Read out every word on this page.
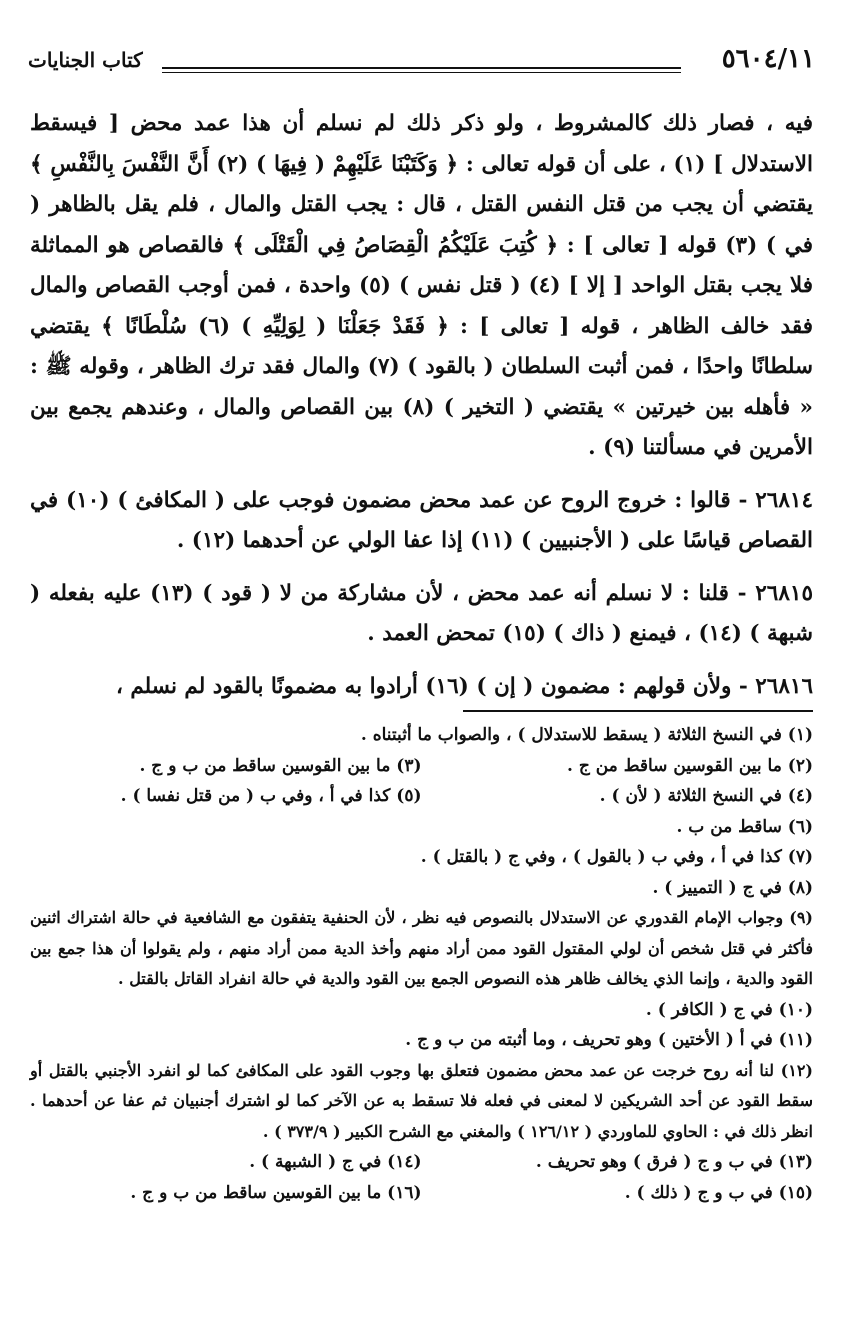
٥٦٠٤/١١
كتاب الجنايات

فيه ، فصار ذلك كالمشروط ، ولو ذكر ذلك لم نسلم أن هذا عمد محض [ فيسقط الاستدلال ] (١) ، على أن قوله تعالى : ﴿ وَكَتَبْنَا عَلَيْهِمْ ( فِيهَا ) (٢) أَنَّ النَّفْسَ بِالنَّفْسِ ﴾ يقتضي أن يجب من قتل النفس القتل ، قال : يجب القتل والمال ، فلم يقل بالظاهر ( في ) (٣) قوله [ تعالى ] : ﴿ كُتِبَ عَلَيْكُمُ الْقِصَاصُ فِي الْقَتْلَى ﴾ فالقصاص هو المماثلة فلا يجب بقتل الواحد [ إلا ] (٤) ( قتل نفس ) (٥) واحدة ، فمن أوجب القصاص والمال فقد خالف الظاهر ، قوله [ تعالى ] : ﴿ فَقَدْ جَعَلْنَا ( لِوَلِيِّهِ ) (٦) سُلْطَانًا ﴾ يقتضي سلطانًا واحدًا ، فمن أثبت السلطان ( بالقود ) (٧) والمال فقد ترك الظاهر ، وقوله ﷺ : « فأهله بين خيرتين » يقتضي ( التخير ) (٨) بين القصاص والمال ، وعندهم يجمع بين الأمرين في مسألتنا (٩) .

٢٦٨١٤ - قالوا : خروج الروح عن عمد محض مضمون فوجب على ( المكافئ ) (١٠) في القصاص قياسًا على ( الأجنبيين ) (١١) إذا عفا الولي عن أحدهما (١٢) .

٢٦٨١٥ - قلنا : لا نسلم أنه عمد محض ، لأن مشاركة من لا ( قود ) (١٣) عليه بفعله ( شبهة ) (١٤) ، فيمنع ( ذاك ) (١٥) تمحض العمد .

٢٦٨١٦ - ولأن قولهم : مضمون ( إن ) (١٦) أرادوا به مضمونًا بالقود لم نسلم ،

(١) في النسخ الثلاثة ( يسقط للاستدلال ) ، والصواب ما أثبتناه .

(٢) ما بين القوسين ساقط من ج .
(٣) ما بين القوسين ساقط من ب و ج .
(٤) في النسخ الثلاثة ( لأن ) .
(٥) كذا في أ ، وفي ب ( من قتل نفسا ) .

(٦) ساقط من ب .

(٧) كذا في أ ، وفي ب ( بالقول ) ، وفي ج ( بالقتل ) .

(٨) في ج ( التمييز ) .

(٩) وجواب الإمام القدوري عن الاستدلال بالنصوص فيه نظر ، لأن الحنفية يتفقون مع الشافعية في حالة اشتراك اثنين فأكثر في قتل شخص أن لولي المقتول القود ممن أراد منهم وأخذ الدية ممن أراد منهم ، ولم يقولوا أن هذا جمع بين القود والدية ، وإنما الذي يخالف ظاهر هذه النصوص الجمع بين القود والدية في حالة انفراد القاتل بالقتل .

(١٠) في ج ( الكافر ) .

(١١) في أ ( الأختين ) وهو تحريف ، وما أثبته من ب و ج .

(١٢) لنا أنه روح خرجت عن عمد محض مضمون فتعلق بها وجوب القود على المكافئ كما لو انفرد الأجنبي بالقتل أو سقط القود عن أحد الشريكين لا لمعنى في فعله فلا تسقط به عن الآخر كما لو اشترك أجنبيان ثم عفا عن أحدهما . انظر ذلك في : الحاوي للماوردي ( ١٢٦/١٢ ) والمغني مع الشرح الكبير ( ٣٧٣/٩ ) .

(١٣) في ب و ج ( فرق ) وهو تحريف .
(١٤) في ج ( الشبهة ) .
(١٥) في ب و ج ( ذلك ) .
(١٦) ما بين القوسين ساقط من ب و ج .
